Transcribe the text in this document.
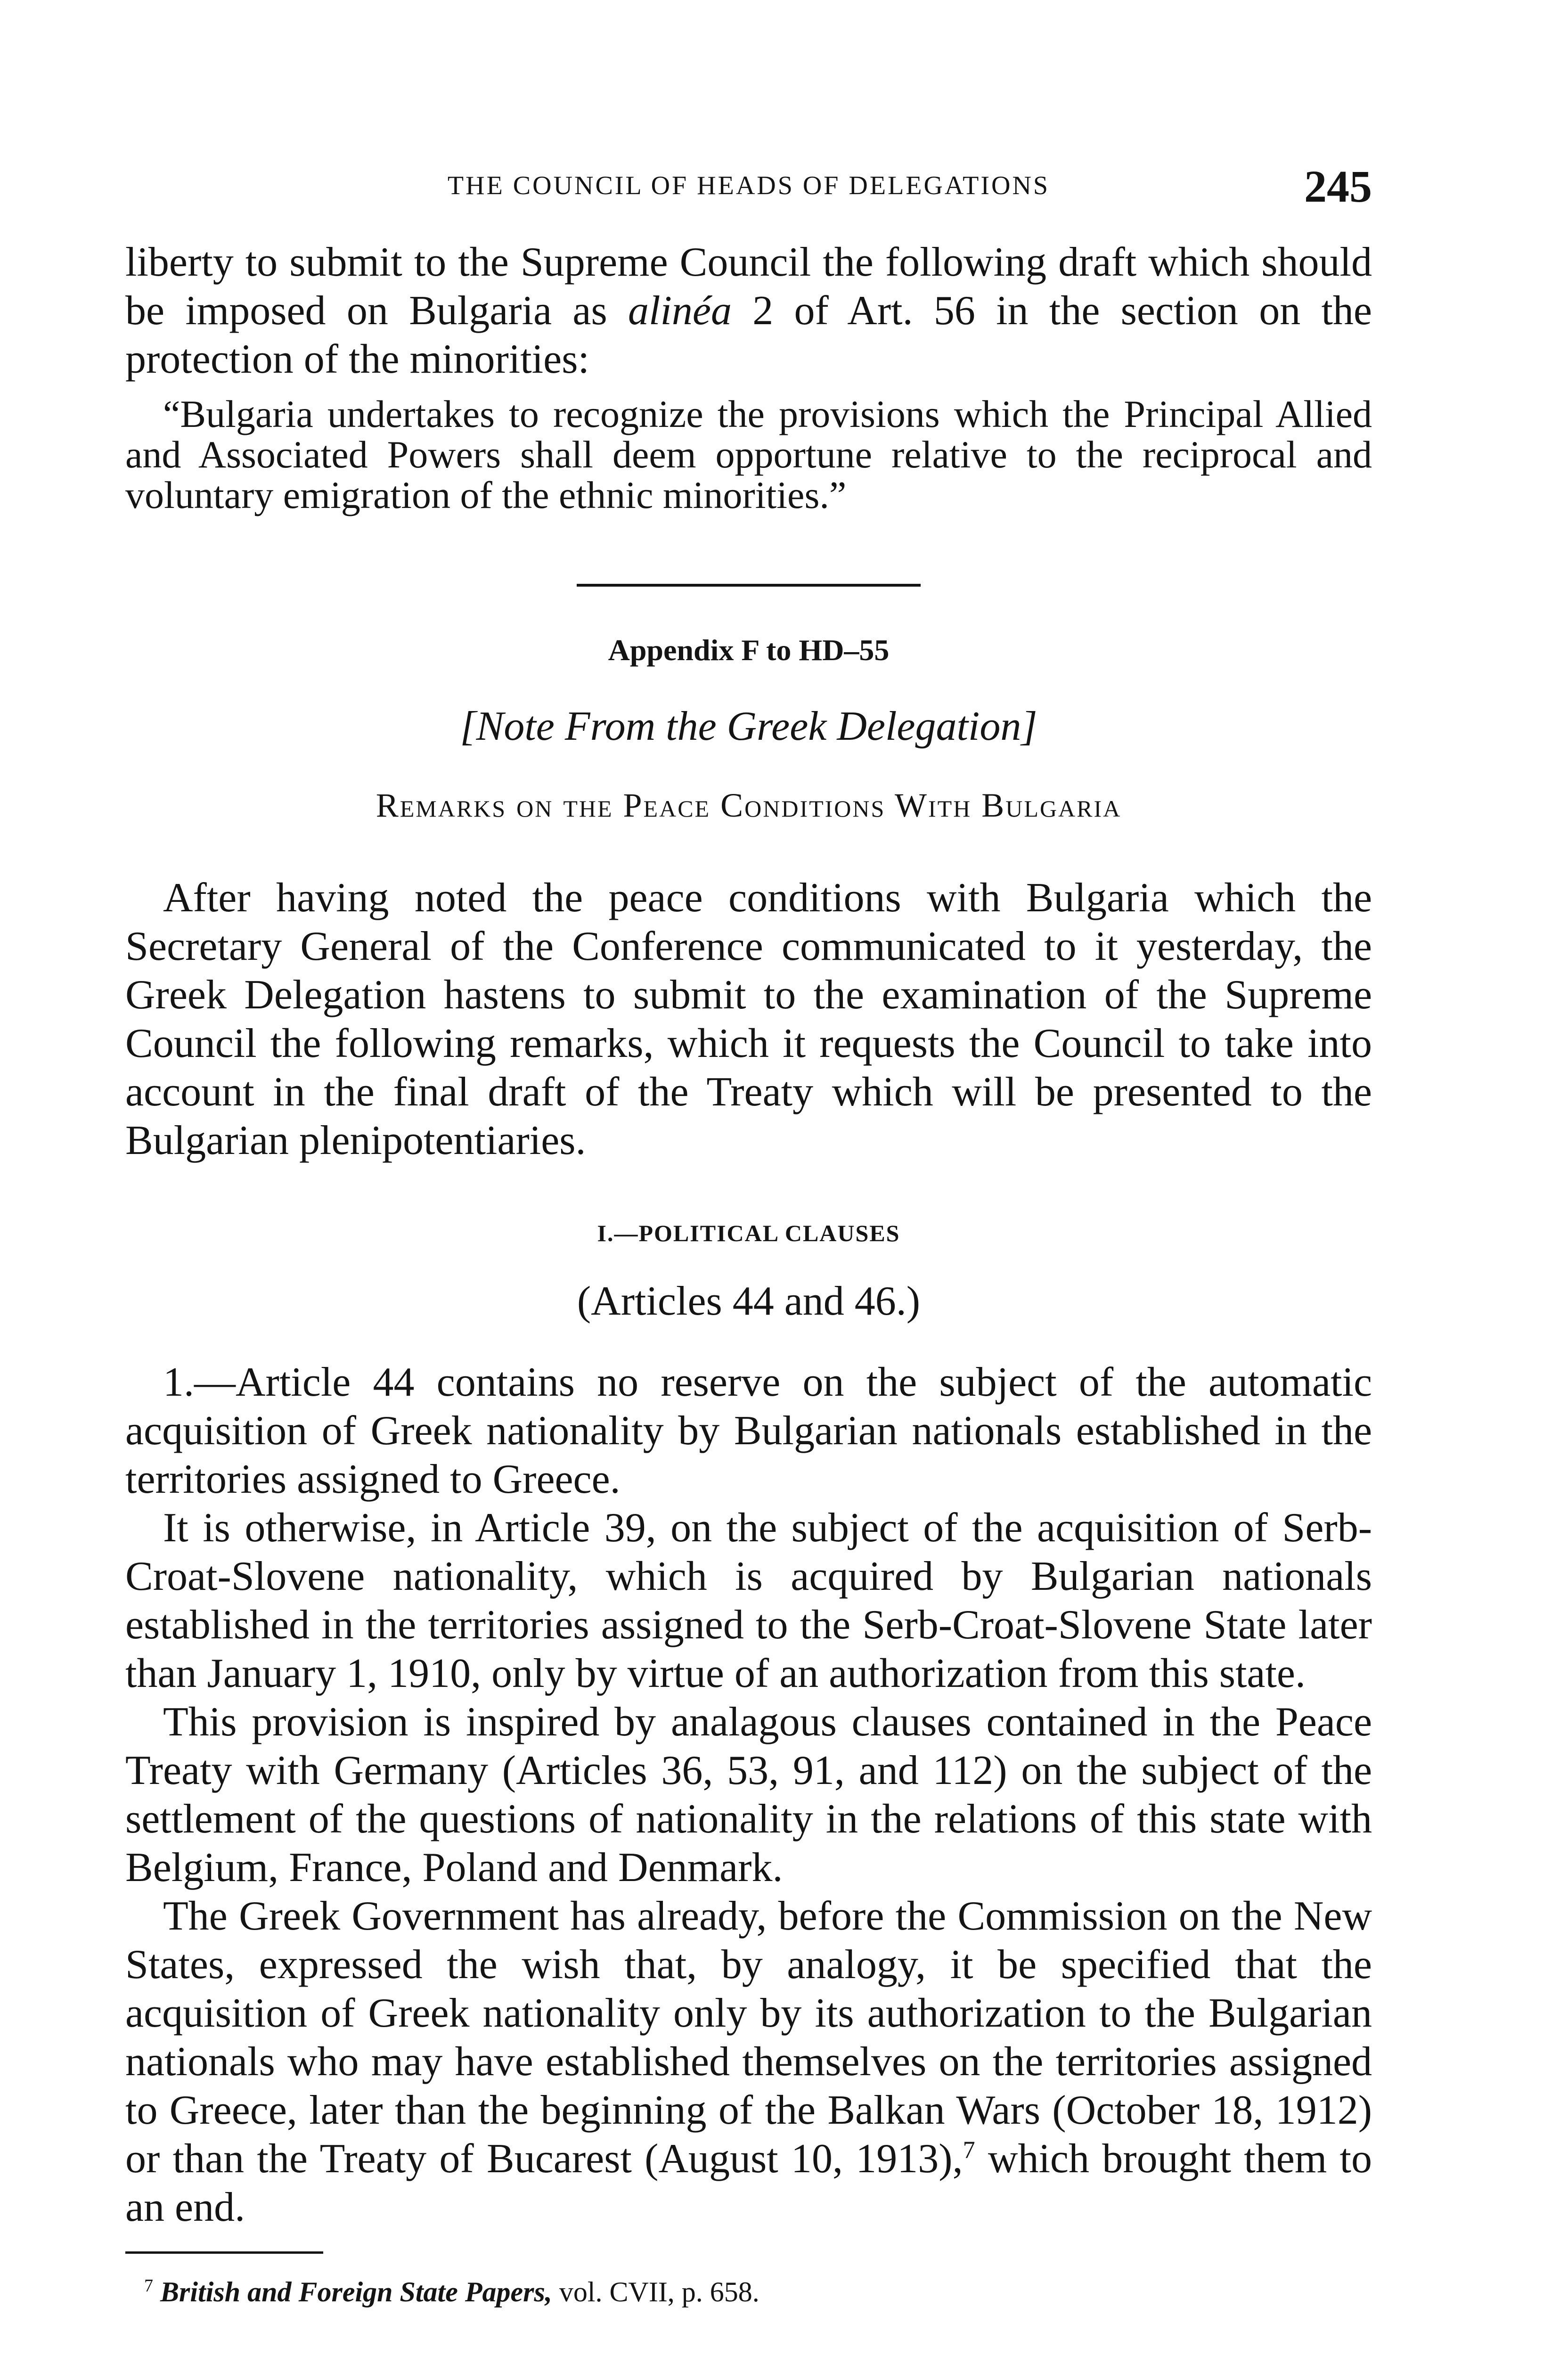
THE COUNCIL OF HEADS OF DELEGATIONS	245

liberty to submit to the Supreme Council the following draft which should be imposed on Bulgaria as alinéa 2 of Art. 56 in the section on the protection of the minorities:

“Bulgaria undertakes to recognize the provisions which the Principal Allied and Associated Powers shall deem opportune relative to the reciprocal and voluntary emigration of the ethnic minorities.”

Appendix F to HD–55
[Note From the Greek Delegation]
Remarks on the Peace Conditions With Bulgaria

After having noted the peace conditions with Bulgaria which the Secretary General of the Conference communicated to it yesterday, the Greek Delegation hastens to submit to the examination of the Supreme Council the following remarks, which it requests the Council to take into account in the final draft of the Treaty which will be presented to the Bulgarian plenipotentiaries.

I.—POLITICAL CLAUSES
(Articles 44 and 46.)

1.—Article 44 contains no reserve on the subject of the automatic acquisition of Greek nationality by Bulgarian nationals established in the territories assigned to Greece.

It is otherwise, in Article 39, on the subject of the acquisition of Serb-Croat-Slovene nationality, which is acquired by Bulgarian nationals established in the territories assigned to the Serb-Croat-Slovene State later than January 1, 1910, only by virtue of an authorization from this state.

This provision is inspired by analagous clauses contained in the Peace Treaty with Germany (Articles 36, 53, 91, and 112) on the subject of the settlement of the questions of nationality in the relations of this state with Belgium, France, Poland and Denmark.

The Greek Government has already, before the Commission on the New States, expressed the wish that, by analogy, it be specified that the acquisition of Greek nationality only by its authorization to the Bulgarian nationals who may have established themselves on the territories assigned to Greece, later than the beginning of the Balkan Wars (October 18, 1912) or than the Treaty of Bucarest (August 10, 1913),$^7$ which brought them to an end.

$^7$ British and Foreign State Papers, vol. CVII, p. 658.
